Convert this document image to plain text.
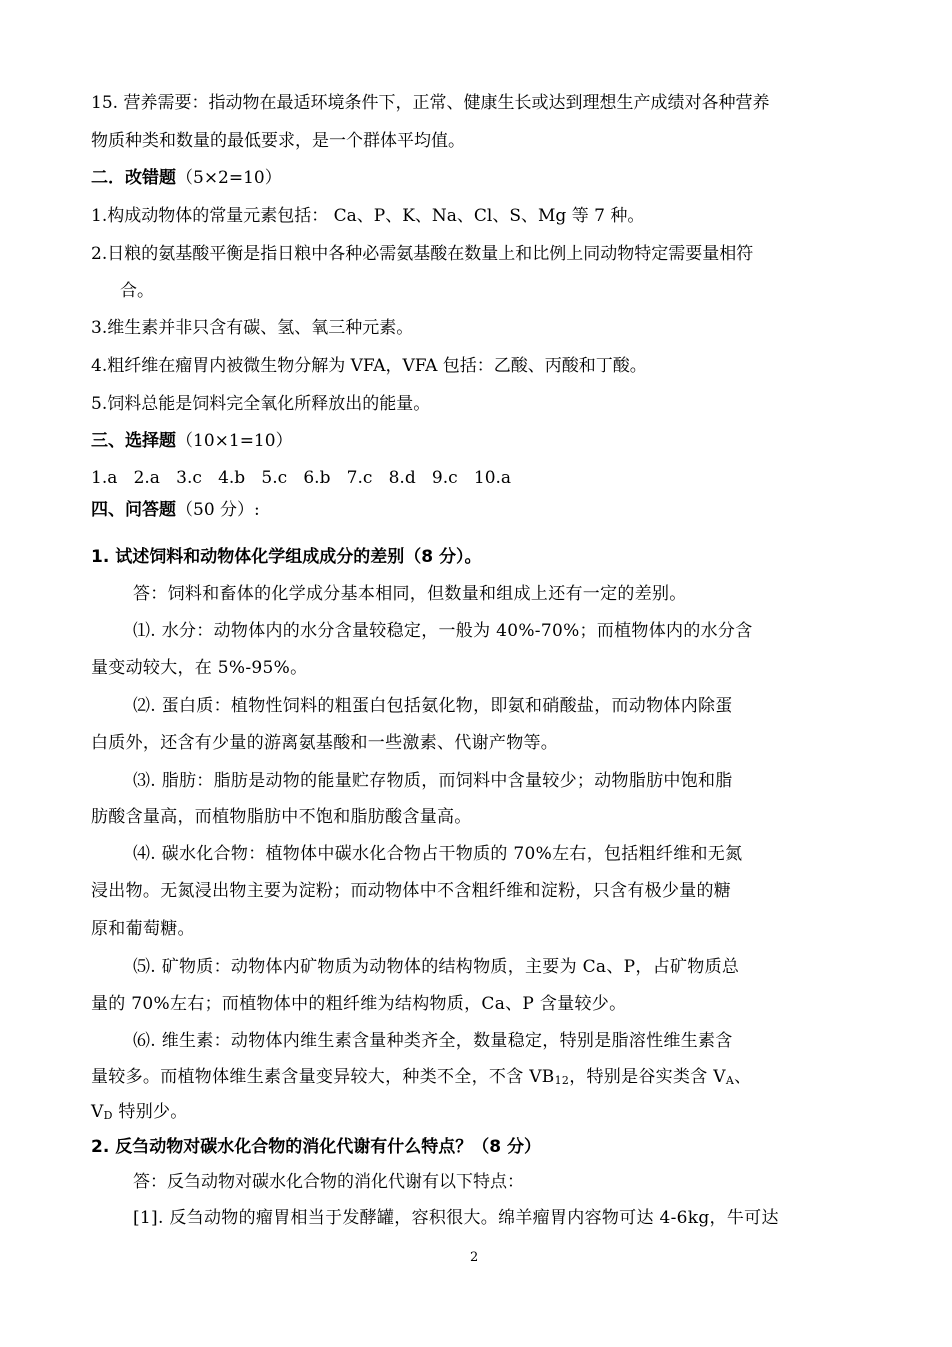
15. 营养需要：指动物在最适环境条件下，正常、健康生长或达到理想生产成绩对各种营养
物质种类和数量的最低要求，是一个群体平均值。
二．改错题（5×2=10）
1.构成动物体的常量元素包括： Ca、P、K、Na、Cl、S、Mg 等 7 种。
2.日粮的氨基酸平衡是指日粮中各种必需氨基酸在数量上和比例上同动物特定需要量相符
合。
3.维生素并非只含有碳、氢、氧三种元素。
4.粗纤维在瘤胃内被微生物分解为 VFA，VFA 包括：乙酸、丙酸和丁酸。
5.饲料总能是饲料完全氧化所释放出的能量。
三、选择题（10×1=10）
1.a   2.a   3.c   4.b   5.c   6.b   7.c   8.d   9.c   10.a
四、问答题（50 分）:
1. 试述饲料和动物体化学组成成分的差别（8 分）。
答：饲料和畜体的化学成分基本相同，但数量和组成上还有一定的差别。
⑴. 水分：动物体内的水分含量较稳定，一般为 40%-70%；而植物体内的水分含
量变动较大，在 5%-95%。
⑵. 蛋白质：植物性饲料的粗蛋白包括氨化物，即氨和硝酸盐，而动物体内除蛋
白质外，还含有少量的游离氨基酸和一些激素、代谢产物等。
⑶. 脂肪：脂肪是动物的能量贮存物质，而饲料中含量较少；动物脂肪中饱和脂
肪酸含量高，而植物脂肪中不饱和脂肪酸含量高。
⑷. 碳水化合物：植物体中碳水化合物占干物质的 70%左右，包括粗纤维和无氮
浸出物。无氮浸出物主要为淀粉；而动物体中不含粗纤维和淀粉，只含有极少量的糖
原和葡萄糖。
⑸. 矿物质：动物体内矿物质为动物体的结构物质，主要为 Ca、P，占矿物质总
量的 70%左右；而植物体中的粗纤维为结构物质，Ca、P 含量较少。
⑹. 维生素：动物体内维生素含量种类齐全，数量稳定，特别是脂溶性维生素含
量较多。而植物体维生素含量变异较大，种类不全，不含 $VB_{12}$，特别是谷实类含 $V_A$、
$V_D$ 特别少。
2. 反刍动物对碳水化合物的消化代谢有什么特点？（8 分）
答：反刍动物对碳水化合物的消化代谢有以下特点：
[1]. 反刍动物的瘤胃相当于发酵罐，容积很大。绵羊瘤胃内容物可达 4-6kg，牛可达
2
